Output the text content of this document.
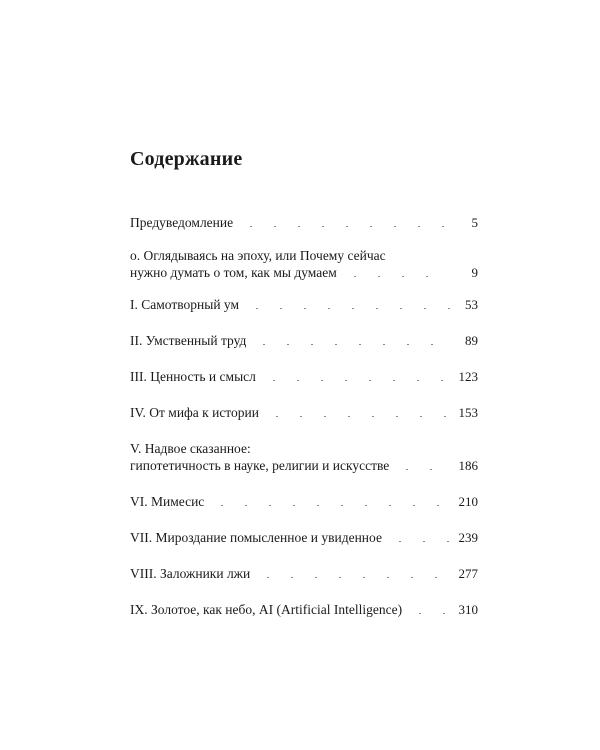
Содержание
Предуведомление	5
о. Оглядываясь на эпоху, или Почему сейчас
нужно думать о том, как мы думаем	9
I. Самотворный ум	53
II. Умственный труд	89
III. Ценность и смысл	123
IV. От мифа к истории	153
V. Надвое сказанное:
гипотетичность в науке, религии и искусстве	186
VI. Мимесис	210
VII. Мироздание помысленное и увиденное	239
VIII. Заложники лжи	277
IX. Золотое, как небо, AI (Artificial Intelligence)	310
